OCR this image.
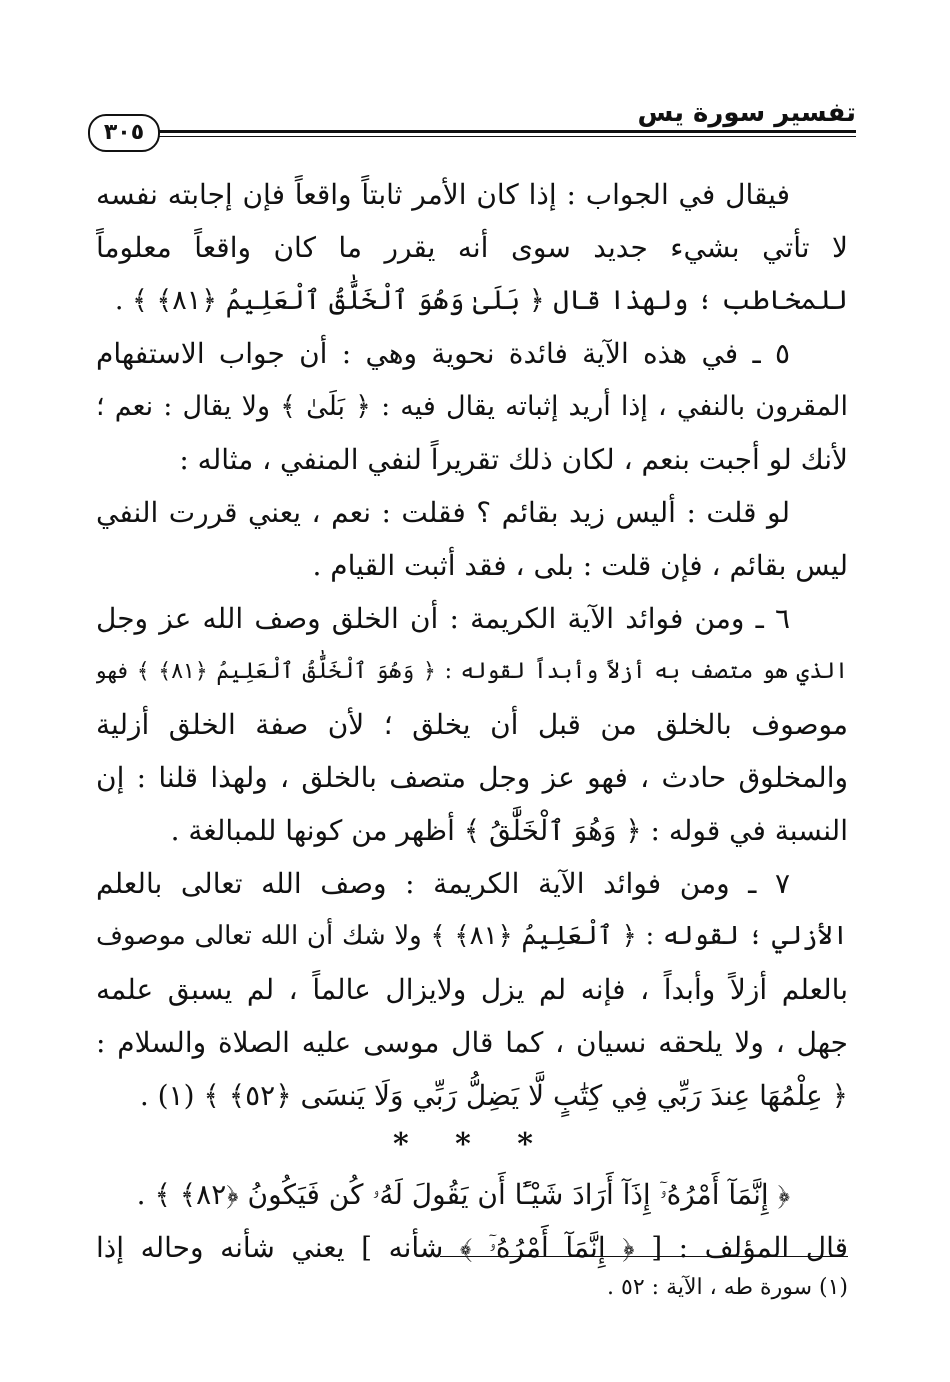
تفسير سورة يس
٣٠٥
فيقال في الجواب : إذا كان الأمر ثابتاً واقعاً فإن إجابته نفسه
لا تأتي بشيء جديد سوى أنه يقرر ما كان واقعاً معلوماً
للمخاطب ؛ ولهذا قال ﴿ بَلَىٰ وَهُوَ ٱلْخَلَّٰقُ ٱلْعَلِيمُ ﴿٨١﴾ ﴾ .
٥ ـ في هذه الآية فائدة نحوية وهي : أن جواب الاستفهام
المقرون بالنفي ، إذا أريد إثباته يقال فيه : ﴿ بَلَىٰ ﴾ ولا يقال : نعم ؛
لأنك لو أجبت بنعم ، لكان ذلك تقريراً لنفي المنفي ، مثاله :
لو قلت : أليس زيد بقائم ؟ فقلت : نعم ، يعني قررت النفي
ليس بقائم ، فإن قلت : بلى ، فقد أثبت القيام .
٦ ـ ومن فوائد الآية الكريمة : أن الخلق وصف الله عز وجل
الذي هو متصف به أزلاً وأبداً لقوله : ﴿ وَهُوَ ٱلْخَلَّٰقُ ٱلْعَلِيمُ ﴿٨١﴾ ﴾ فهو
موصوف بالخلق من قبل أن يخلق ؛ لأن صفة الخلق أزلية
والمخلوق حادث ، فهو عز وجل متصف بالخلق ، ولهذا قلنا : إن
النسبة في قوله : ﴿ وَهُوَ ٱلْخَلَّٰقُ ﴾ أظهر من كونها للمبالغة .
٧ ـ ومن فوائد الآية الكريمة : وصف الله تعالى بالعلم
الأزلي ؛ لقوله : ﴿ ٱلْعَلِيمُ ﴿٨١﴾ ﴾ ولا شك أن الله تعالى موصوف
بالعلم أزلاً وأبداً ، فإنه لم يزل ولايزال عالماً ، لم يسبق علمه
جهل ، ولا يلحقه نسيان ، كما قال موسى عليه الصلاة والسلام :
﴿ عِلْمُهَا عِندَ رَبِّي فِي كِتَٰبٍ لَّا يَضِلُّ رَبِّي وَلَا يَنسَى ﴿٥٢﴾ ﴾ (١) .
* * *
﴿ إِنَّمَآ أَمْرُهُۥٓ إِذَآ أَرَادَ شَيْـًٔا أَن يَقُولَ لَهُۥ كُن فَيَكُونُ ﴿٨٢﴾ ﴾ .
قال المؤلف : [ ﴿ إِنَّمَآ أَمْرُهُۥٓ ﴾ شأنه ] يعني شأنه وحاله إذا
(١) سورة طه ، الآية : ٥٢ .
